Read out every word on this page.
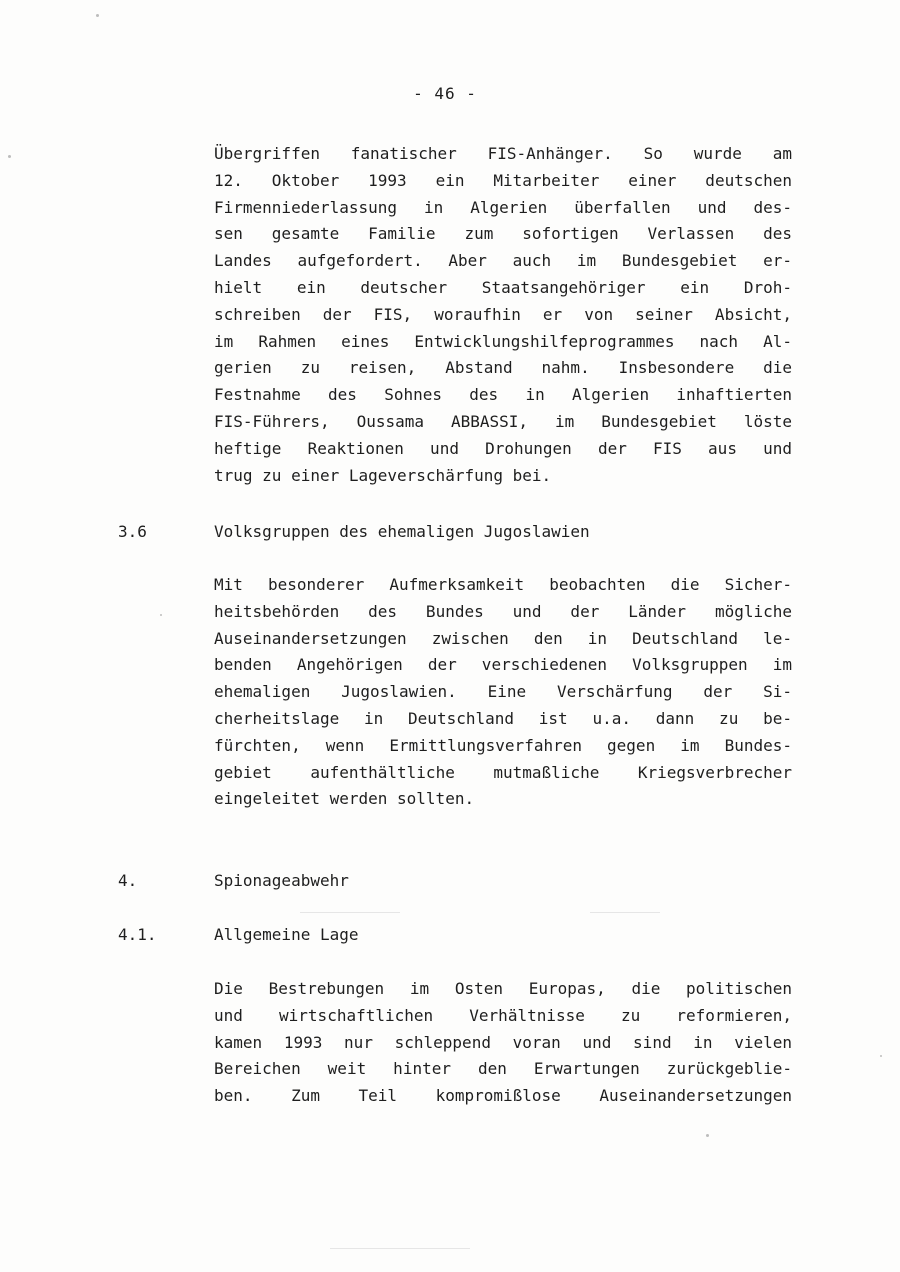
- 46 -
Übergriffen fanatischer FIS-Anhänger. So wurde am
12. Oktober 1993 ein Mitarbeiter einer deutschen
Firmenniederlassung in Algerien überfallen und des-
sen gesamte Familie zum sofortigen Verlassen des
Landes aufgefordert. Aber auch im Bundesgebiet er-
hielt ein deutscher Staatsangehöriger ein Droh-
schreiben der FIS, woraufhin er von seiner Absicht,
im Rahmen eines Entwicklungshilfeprogrammes nach Al-
gerien zu reisen, Abstand nahm. Insbesondere die
Festnahme des Sohnes des in Algerien inhaftierten
FIS-Führers, Oussama ABBASSI, im Bundesgebiet löste
heftige Reaktionen und Drohungen der FIS aus und
trug zu einer Lageverschärfung bei.
3.6	Volksgruppen des ehemaligen Jugoslawien
Mit besonderer Aufmerksamkeit beobachten die Sicher-
heitsbehörden des Bundes und der Länder mögliche
Auseinandersetzungen zwischen den in Deutschland le-
benden Angehörigen der verschiedenen Volksgruppen im
ehemaligen Jugoslawien. Eine Verschärfung der Si-
cherheitslage in Deutschland ist u.a. dann zu be-
fürchten, wenn Ermittlungsverfahren gegen im Bundes-
gebiet aufenthältliche mutmaßliche Kriegsverbrecher
eingeleitet werden sollten.
4.	Spionageabwehr
4.1.	Allgemeine Lage
Die Bestrebungen im Osten Europas, die politischen
und wirtschaftlichen Verhältnisse zu reformieren,
kamen 1993 nur schleppend voran und sind in vielen
Bereichen weit hinter den Erwartungen zurückgeblie-
ben. Zum Teil kompromißlose Auseinandersetzungen
